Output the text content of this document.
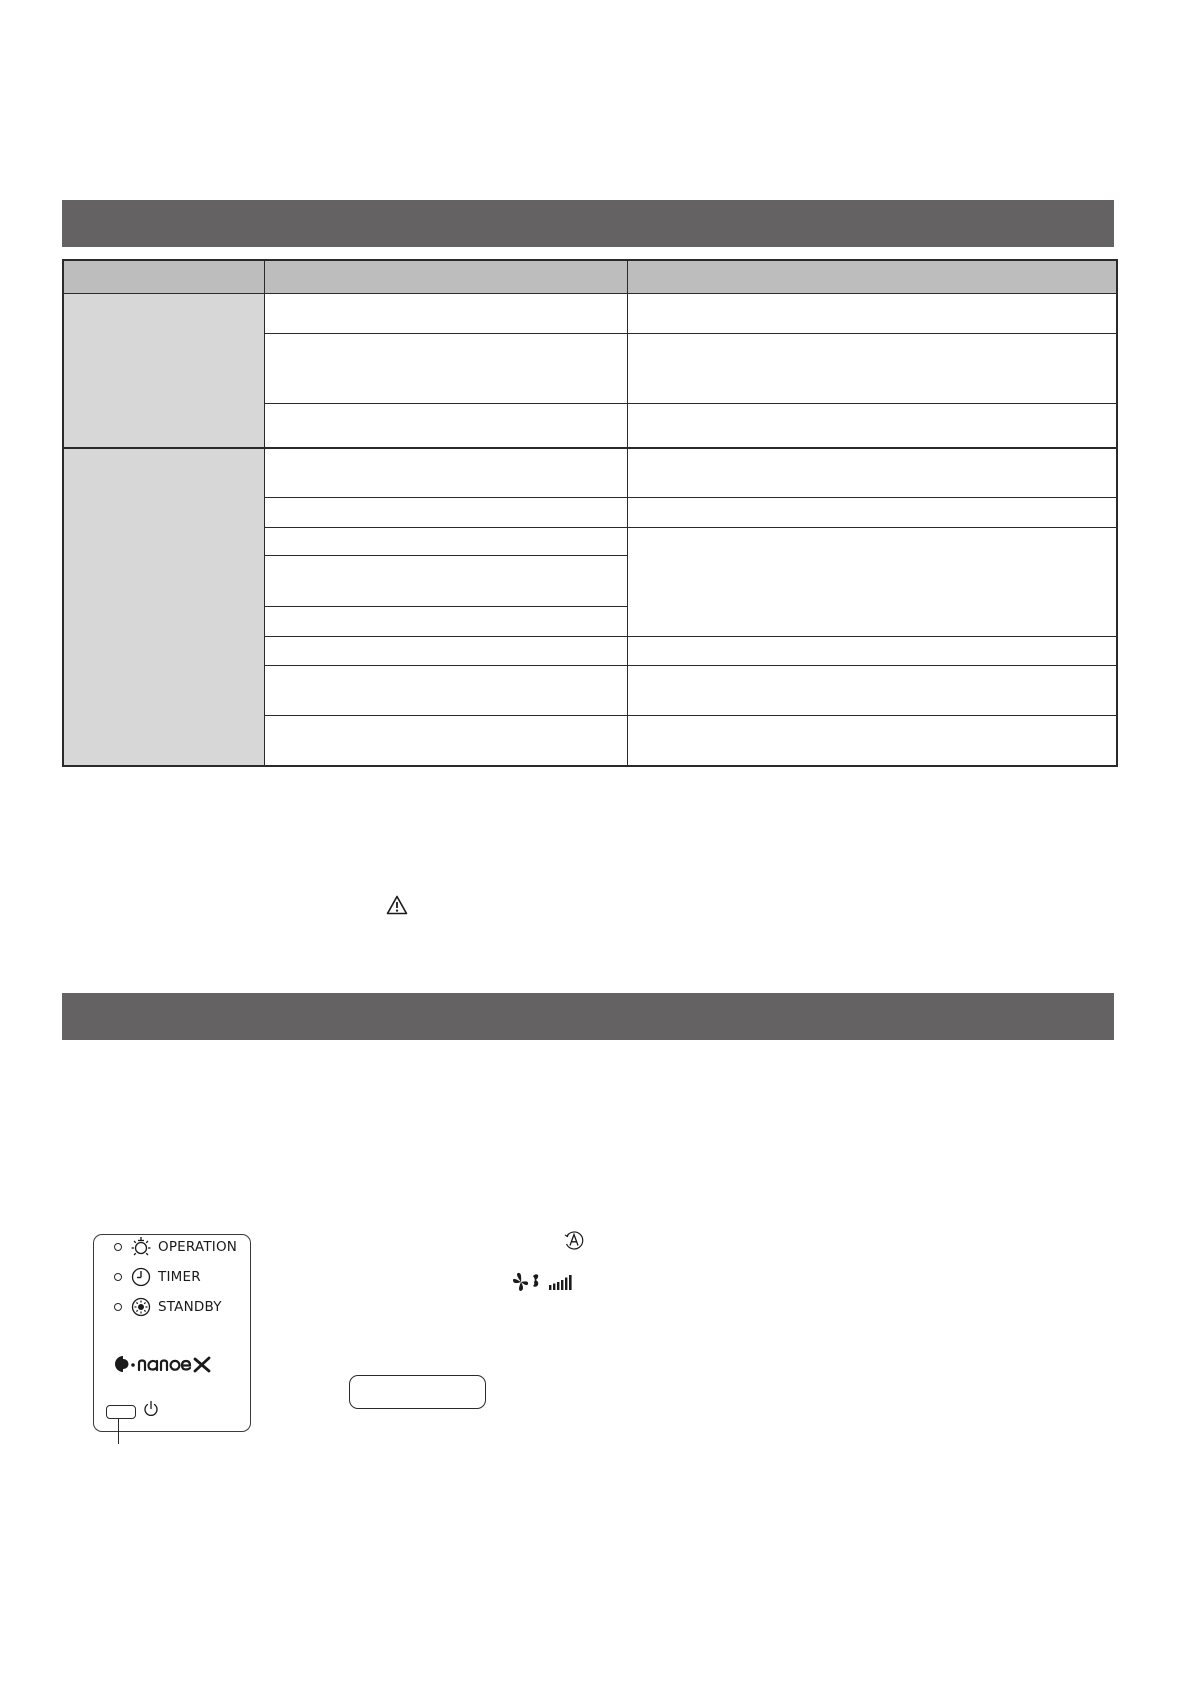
OPERATION
TIMER
STANDBY
